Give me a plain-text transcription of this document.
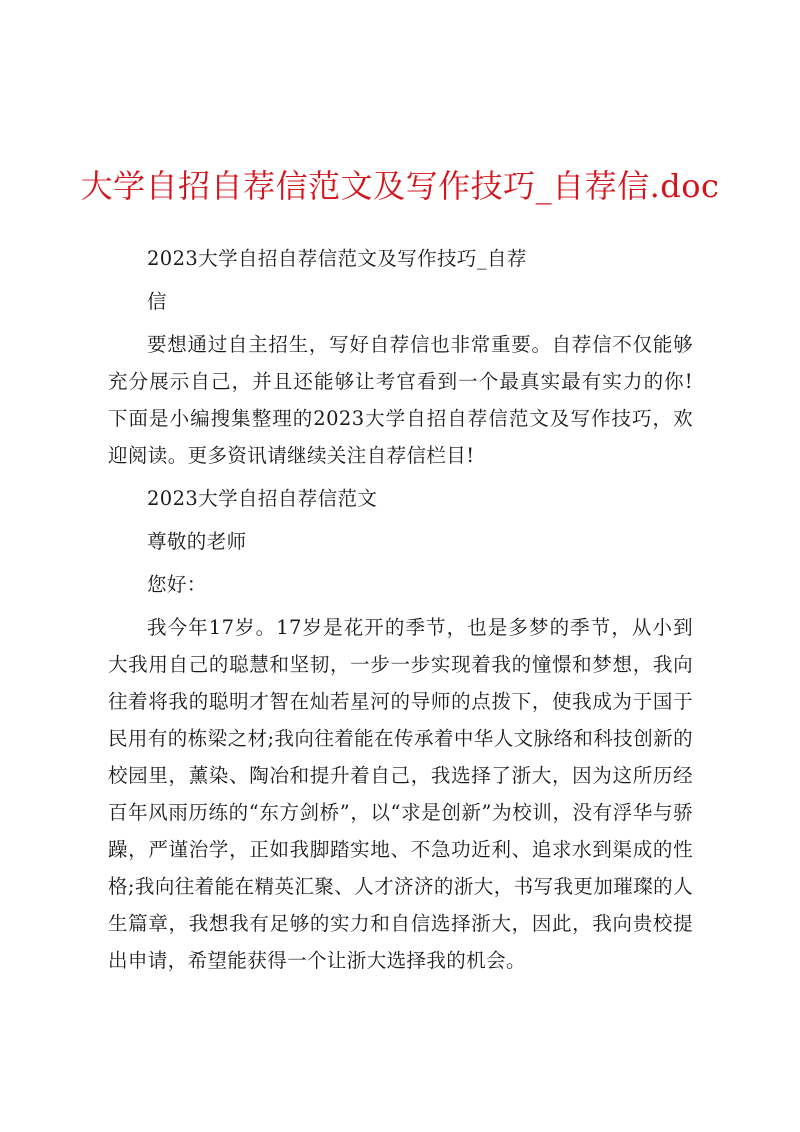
大学自招自荐信范文及写作技巧_自荐信.doc

2023大学自招自荐信范文及写作技巧_自荐

信

要想通过自主招生，写好自荐信也非常重要。自荐信不仅能够充分展示自己，并且还能够让考官看到一个最真实最有实力的你!下面是小编搜集整理的2023大学自招自荐信范文及写作技巧，欢迎阅读。更多资讯请继续关注自荐信栏目!

2023大学自招自荐信范文

尊敬的老师

您好：

我今年17岁。17岁是花开的季节，也是多梦的季节，从小到大我用自己的聪慧和坚韧，一步一步实现着我的憧憬和梦想，我向往着将我的聪明才智在灿若星河的导师的点拨下，使我成为于国于民用有的栋梁之材;我向往着能在传承着中华人文脉络和科技创新的校园里，薰染、陶冶和提升着自己，我选择了浙大，因为这所历经百年风雨历练的“东方剑桥”，以“求是创新”为校训，没有浮华与骄躁，严谨治学，正如我脚踏实地、不急功近利、追求水到渠成的性格;我向往着能在精英汇聚、人才济济的浙大，书写我更加璀璨的人生篇章，我想我有足够的实力和自信选择浙大，因此，我向贵校提出申请，希望能获得一个让浙大选择我的机会。
